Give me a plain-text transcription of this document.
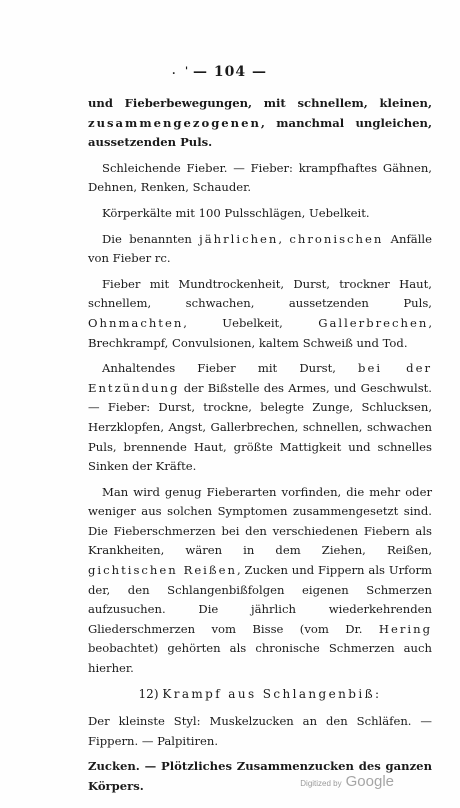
. ' — 104 —

und Fieberbewegungen, mit schnellem, kleinen, zusammengezogenen, manchmal ungleichen, aussetzenden Puls.

Schleichende Fieber. — Fieber: krampfhaftes Gähnen, Dehnen, Renken, Schauder.

Körperkälte mit 100 Pulsschlägen, Uebelkeit.

Die benannten jährlichen, chronischen Anfälle von Fieber rc.

Fieber mit Mundtrockenheit, Durst, trockner Haut, schnellem, schwachen, aussetzenden Puls, Ohnmachten, Uebelkeit, Gallerbrechen, Brechkrampf, Convulsionen, kaltem Schweiß und Tod.

Anhaltendes Fieber mit Durst, bei der Entzündung der Bißstelle des Armes, und Geschwulst. — Fieber: Durst, trockne, belegte Zunge, Schlucksen, Herzklopfen, Angst, Gallerbrechen, schnellen, schwachen Puls, brennende Haut, größte Mattigkeit und schnelles Sinken der Kräfte.

Man wird genug Fieberarten vorfinden, die mehr oder weniger aus solchen Symptomen zusammengesetzt sind. Die Fieberschmerzen bei den verschiedenen Fiebern als Krankheiten, wären in dem Ziehen, Reißen, gichtischen Reißen, Zucken und Fippern als Urform der, den Schlangenbißfolgen eigenen Schmerzen aufzusuchen. Die jährlich wiederkehrenden Gliederschmerzen vom Bisse (vom Dr. Hering beobachtet) gehörten als chronische Schmerzen auch hierher.

12) Krampf aus Schlangenbiß:

Der kleinste Styl: Muskelzucken an den Schläfen. — Fippern. — Palpitiren.

Zucken. — Plötzliches Zusammenzucken des ganzen Körpers.	Digitized by Google
